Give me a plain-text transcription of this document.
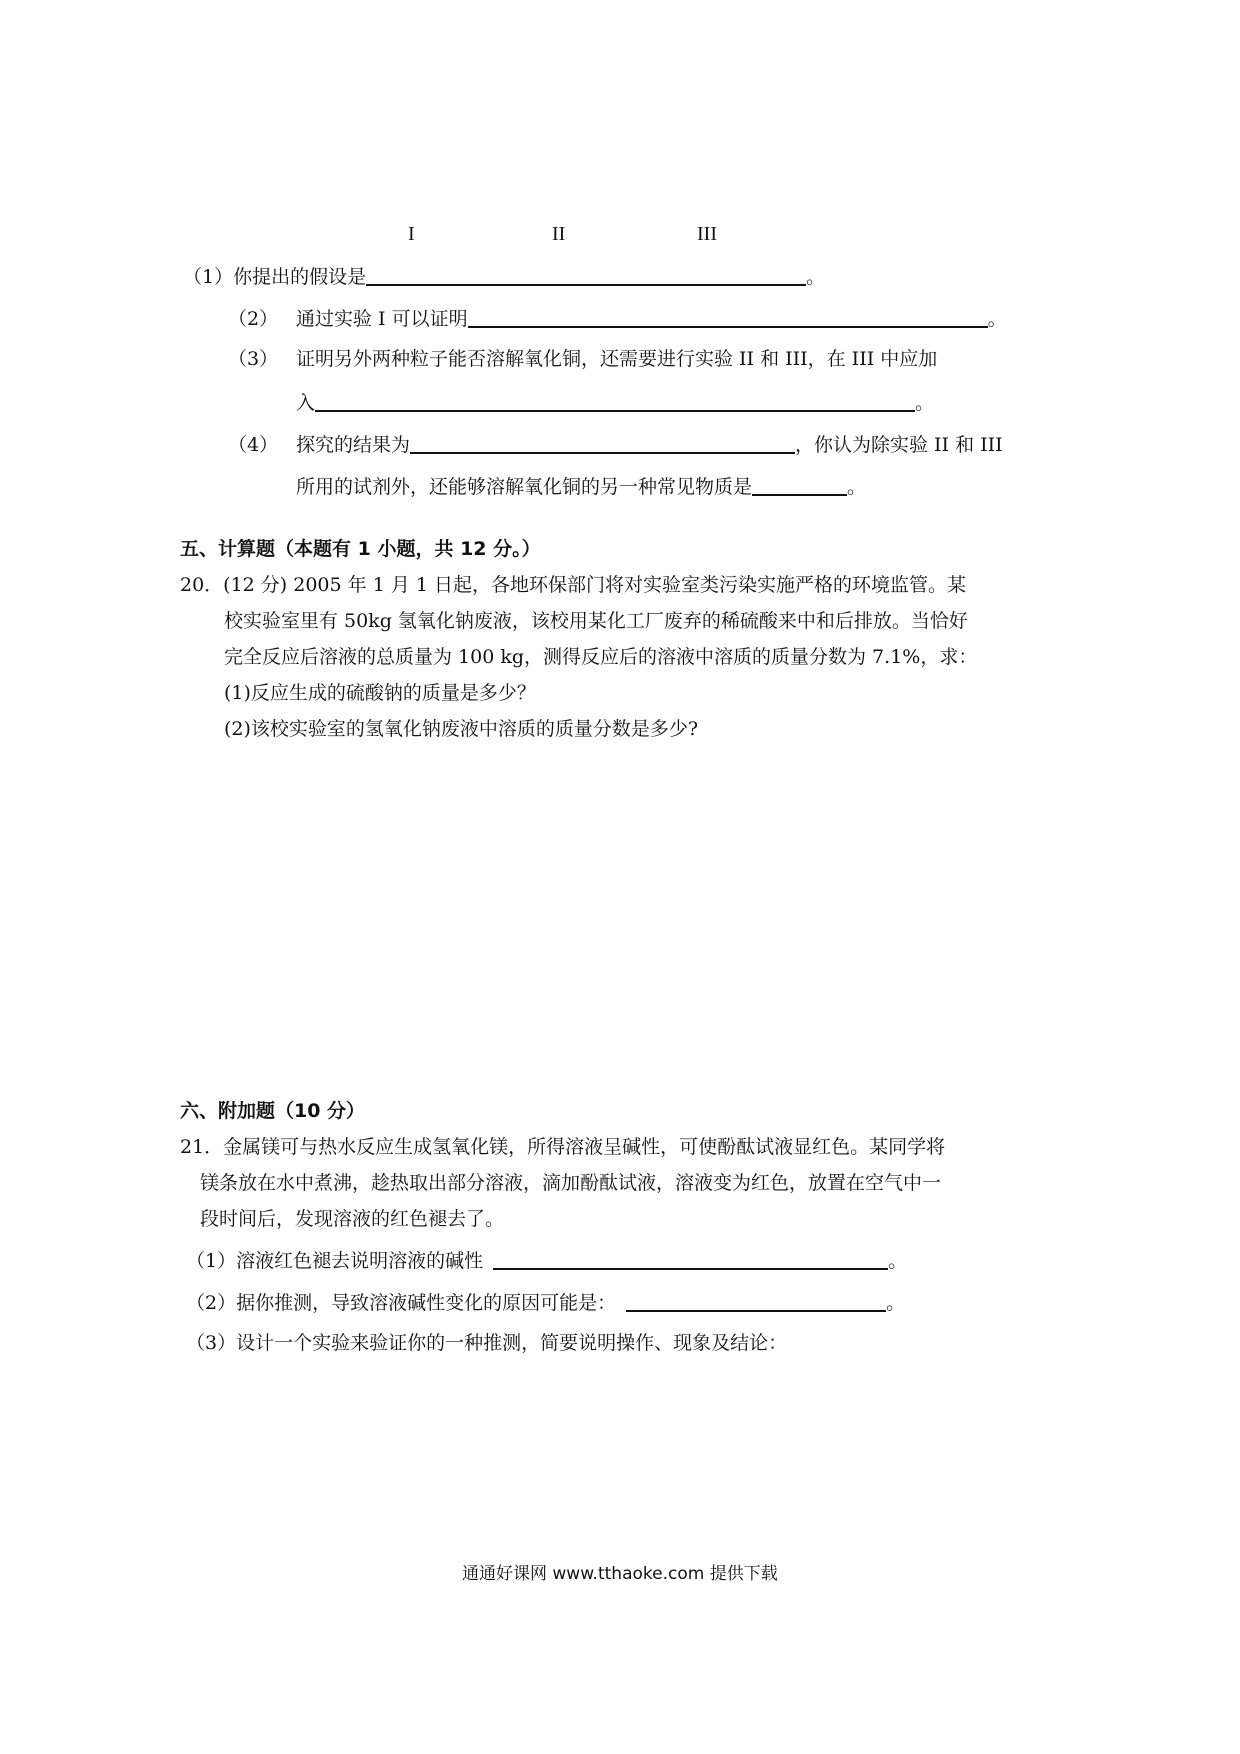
I	II	III
（1）你提出的假设是	。
（2） 通过实验 I 可以证明	。
（3） 证明另外两种粒子能否溶解氧化铜，还需要进行实验 II 和 III，在 III 中应加
入	。
（4） 探究的结果为	，你认为除实验 II 和 III
所用的试剂外，还能够溶解氧化铜的另一种常见物质是	。
五、计算题（本题有 1 小题，共 12 分。）
20．(12 分) 2005 年 1 月 1 日起，各地环保部门将对实验室类污染实施严格的环境监管。某
校实验室里有 50kg 氢氧化钠废液，该校用某化工厂废弃的稀硫酸来中和后排放。当恰好
完全反应后溶液的总质量为 100 kg，测得反应后的溶液中溶质的质量分数为 7.1%，求：
(1)反应生成的硫酸钠的质量是多少？
(2)该校实验室的氢氧化钠废液中溶质的质量分数是多少?
六、附加题（10 分）
21．金属镁可与热水反应生成氢氧化镁，所得溶液呈碱性，可使酚酞试液显红色。某同学将
镁条放在水中煮沸，趁热取出部分溶液，滴加酚酞试液，溶液变为红色，放置在空气中一
段时间后，发现溶液的红色褪去了。
（1）溶液红色褪去说明溶液的碱性	。
（2）据你推测，导致溶液碱性变化的原因可能是：	。
（3）设计一个实验来验证你的一种推测，简要说明操作、现象及结论：
通通好课网 www.tthaoke.com 提供下载
